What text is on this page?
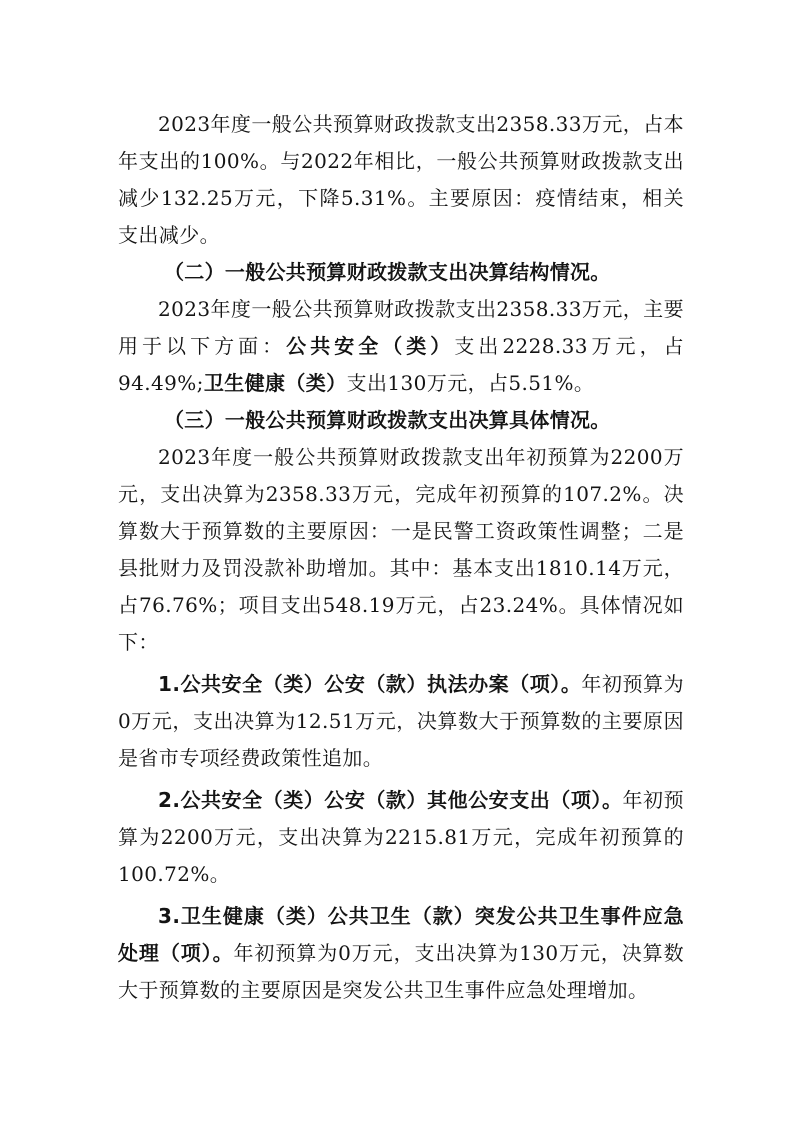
2023年度一般公共预算财政拨款支出2358.33万元，占本年支出的100%。与2022年相比，一般公共预算财政拨款支出减少132.25万元，下降5.31%。主要原因：疫情结束，相关支出减少。

（二）一般公共预算财政拨款支出决算结构情况。

2023年度一般公共预算财政拨款支出2358.33万元，主要用于以下方面：公共安全（类）支出2228.33万元，占94.49%;卫生健康（类）支出130万元，占5.51%。

（三）一般公共预算财政拨款支出决算具体情况。

2023年度一般公共预算财政拨款支出年初预算为2200万元，支出决算为2358.33万元，完成年初预算的107.2%。决算数大于预算数的主要原因：一是民警工资政策性调整；二是县批财力及罚没款补助增加。其中：基本支出1810.14万元，占76.76%；项目支出548.19万元，占23.24%。具体情况如下：

1.公共安全（类）公安（款）执法办案（项）。年初预算为0万元，支出决算为12.51万元，决算数大于预算数的主要原因是省市专项经费政策性追加。

2.公共安全（类）公安（款）其他公安支出（项）。年初预算为2200万元，支出决算为2215.81万元，完成年初预算的100.72%。

3.卫生健康（类）公共卫生（款）突发公共卫生事件应急处理（项）。年初预算为0万元，支出决算为130万元，决算数大于预算数的主要原因是突发公共卫生事件应急处理增加。
